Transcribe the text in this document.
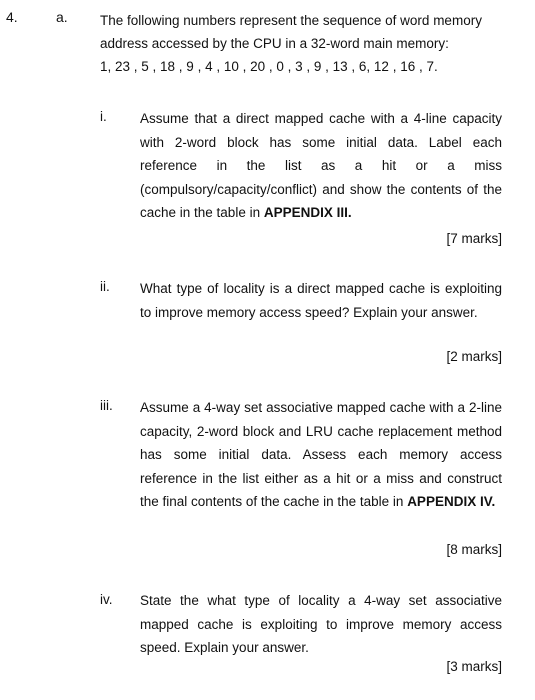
4.	a. The following numbers represent the sequence of word memory

address accessed by the CPU in a 32-word main memory:

1, 23 , 5 , 18 , 9 , 4 , 10 , 20 , 0 , 3 , 9 , 13 , 6, 12 , 16 , 7.

i. Assume that a direct mapped cache with a 4-line capacity with 2-word block has some initial data. Label each reference in the list as a hit or a miss (compulsory/capacity/conflict) and show the contents of the cache in the table in APPENDIX III.

[7 marks]
ii. What type of locality is a direct mapped cache is exploiting to improve memory access speed? Explain your answer.

[2 marks]
iii. Assume a 4-way set associative mapped cache with a 2-line capacity, 2-word block and LRU cache replacement method has some initial data. Assess each memory access reference in the list either as a hit or a miss and construct the final contents of the cache in the table in APPENDIX IV.

[8 marks]
iv. State the what type of locality a 4-way set associative mapped cache is exploiting to improve memory access speed. Explain your answer.

[3 marks]
